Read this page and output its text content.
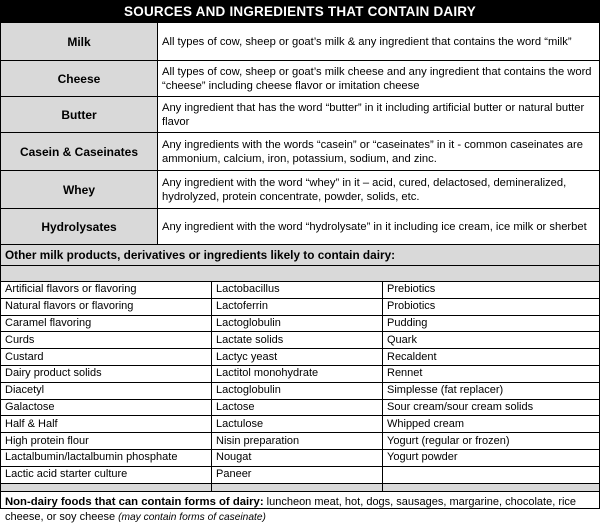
SOURCES AND INGREDIENTS THAT CONTAIN DAIRY
Milk	All types of cow, sheep or goat’s milk & any ingredient that contains the word “milk”
Cheese	All types of cow, sheep or goat’s milk cheese and any ingredient that contains the word “cheese” including cheese flavor or imitation cheese
Butter	Any ingredient that has the word “butter” in it including artificial butter or natural butter flavor
Casein & Caseinates	Any ingredients with the words “casein” or “caseinates” in it - common caseinates are ammonium, calcium, iron, potassium, sodium, and zinc.
Whey	Any ingredient with the word “whey” in it – acid, cured, delactosed, demineralized, hydrolyzed, protein concentrate, powder, solids, etc.
Hydrolysates	Any ingredient with the word “hydrolysate” in it including ice cream, ice milk or sherbet
Other milk products, derivatives or ingredients likely to contain dairy:
Artificial flavors or flavoring	Lactobacillus	Prebiotics
Natural flavors or flavoring	Lactoferrin	Probiotics
Caramel flavoring	Lactoglobulin	Pudding
Curds	Lactate solids	Quark
Custard	Lactyc yeast	Recaldent
Dairy product solids	Lactitol monohydrate	Rennet
Diacetyl	Lactoglobulin	Simplesse (fat replacer)
Galactose	Lactose	Sour cream/sour cream solids
Half & Half	Lactulose	Whipped cream
High protein flour	Nisin preparation	Yogurt (regular or frozen)
Lactalbumin/lactalbumin phosphate	Nougat	Yogurt powder
Lactic acid starter culture	Paneer	

Non-dairy foods that can contain forms of dairy: luncheon meat, hot, dogs, sausages, margarine, chocolate, rice cheese, or soy cheese (may contain forms of caseinate)
